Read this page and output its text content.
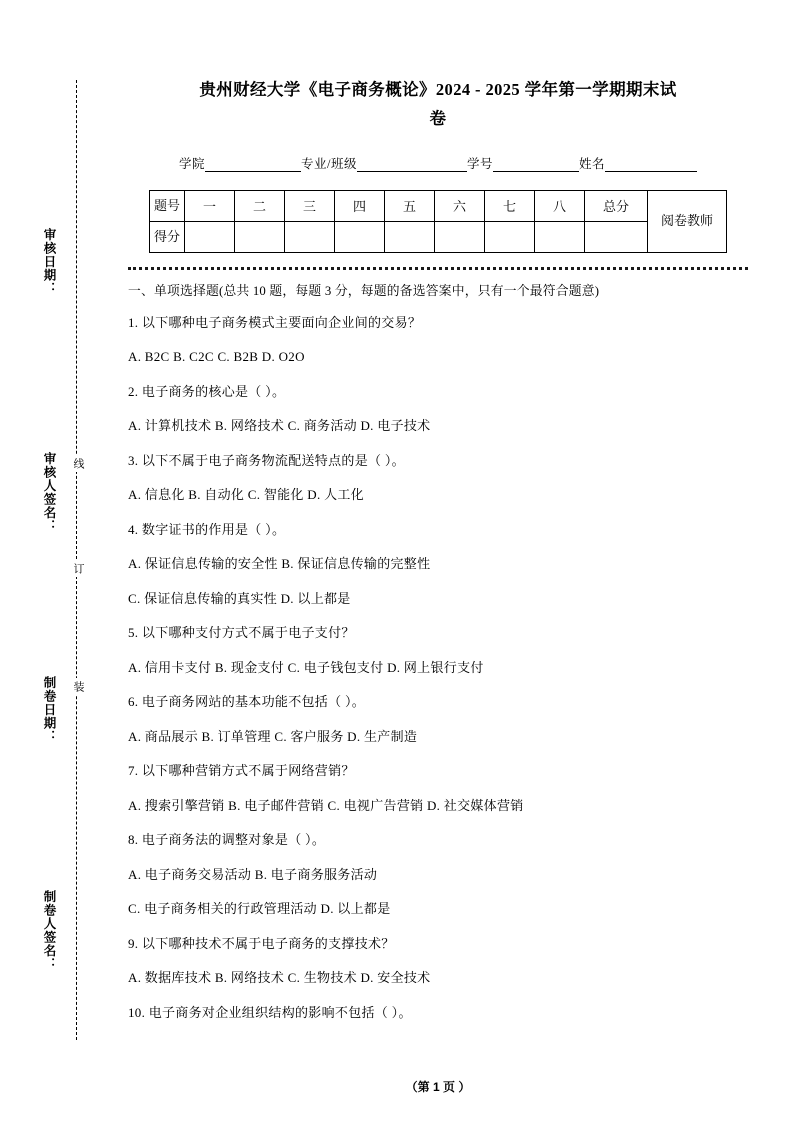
审核日期：
审核人签名：
制卷日期：
制卷人签名：
线
订
装
贵州财经大学《电子商务概论》2024 - 2025 学年第一学期期末试
卷
学院	专业/班级	学号	姓名
题号	一	二	三	四	五	六	七	八	总分	阅卷教师
得分										
一、单项选择题(总共 10 题，每题 3 分，每题的备选答案中，只有一个最符合题意)
1. 以下哪种电子商务模式主要面向企业间的交易？
A. B2C B. C2C C. B2B D. O2O
2. 电子商务的核心是（ ）。
A. 计算机技术 B. 网络技术 C. 商务活动 D. 电子技术
3. 以下不属于电子商务物流配送特点的是（ ）。
A. 信息化 B. 自动化 C. 智能化 D. 人工化
4. 数字证书的作用是（ ）。
A. 保证信息传输的安全性 B. 保证信息传输的完整性
C. 保证信息传输的真实性 D. 以上都是
5. 以下哪种支付方式不属于电子支付？
A. 信用卡支付 B. 现金支付 C. 电子钱包支付 D. 网上银行支付
6. 电子商务网站的基本功能不包括（ ）。
A. 商品展示 B. 订单管理 C. 客户服务 D. 生产制造
7. 以下哪种营销方式不属于网络营销？
A. 搜索引擎营销 B. 电子邮件营销 C. 电视广告营销 D. 社交媒体营销
8. 电子商务法的调整对象是（ ）。
A. 电子商务交易活动 B. 电子商务服务活动
C. 电子商务相关的行政管理活动 D. 以上都是
9. 以下哪种技术不属于电子商务的支撑技术？
A. 数据库技术 B. 网络技术 C. 生物技术 D. 安全技术
10. 电子商务对企业组织结构的影响不包括（ ）。
（第 1 页 ）
